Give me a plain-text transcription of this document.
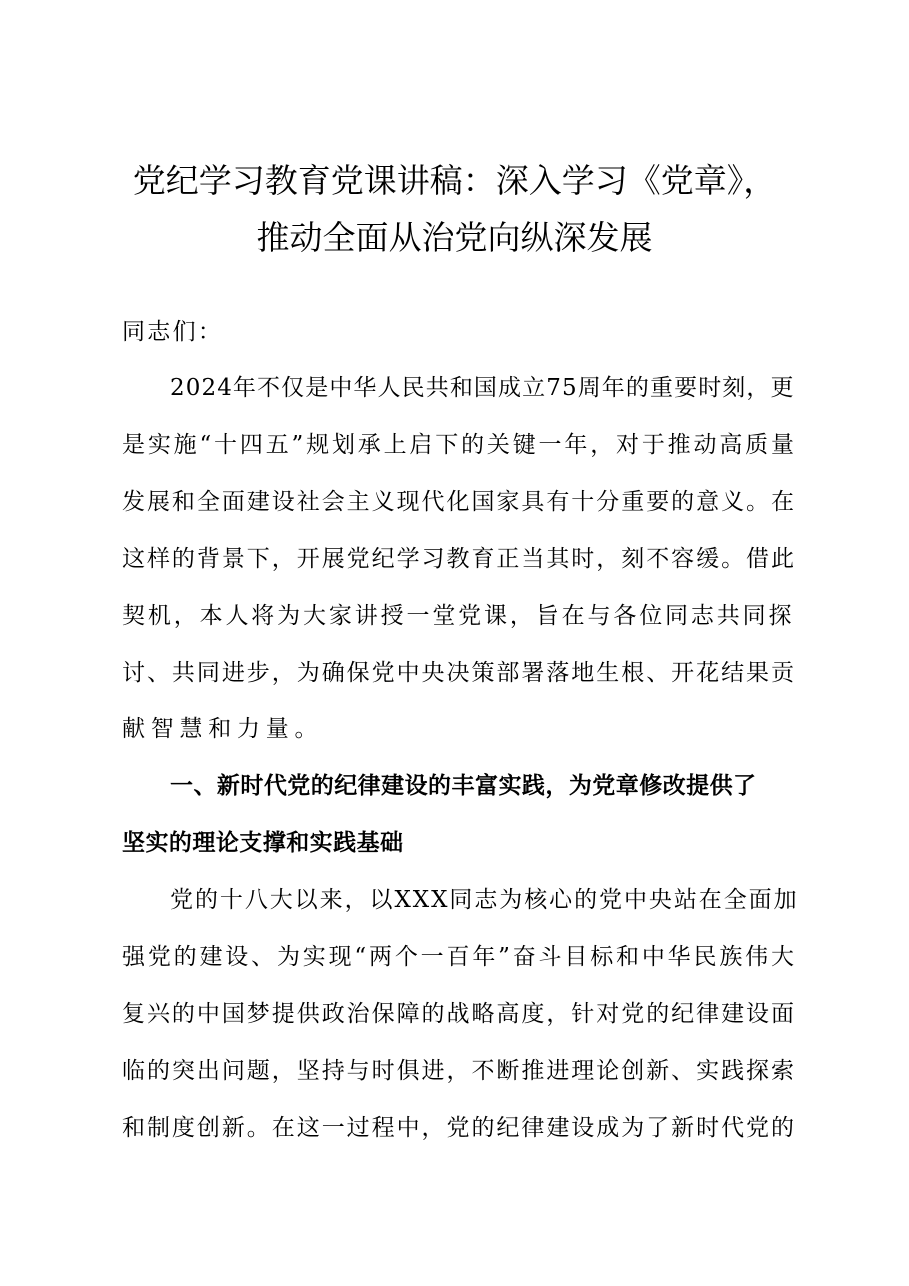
党纪学习教育党课讲稿：深入学习《党章》，
推动全面从治党向纵深发展
同志们：
2024年不仅是中华人民共和国成立75周年的重要时刻，更
是实施“十四五”规划承上启下的关键一年，对于推动高质量
发展和全面建设社会主义现代化国家具有十分重要的意义。在
这样的背景下，开展党纪学习教育正当其时，刻不容缓。借此
契机，本人将为大家讲授一堂党课，旨在与各位同志共同探
讨、共同进步，为确保党中央决策部署落地生根、开花结果贡
献智慧和力量。
一、新时代党的纪律建设的丰富实践，为党章修改提供了
坚实的理论支撑和实践基础
党的十八大以来，以XXX同志为核心的党中央站在全面加
强党的建设、为实现“两个一百年”奋斗目标和中华民族伟大
复兴的中国梦提供政治保障的战略高度，针对党的纪律建设面
临的突出问题，坚持与时俱进，不断推进理论创新、实践探索
和制度创新。在这一过程中，党的纪律建设成为了新时代党的
